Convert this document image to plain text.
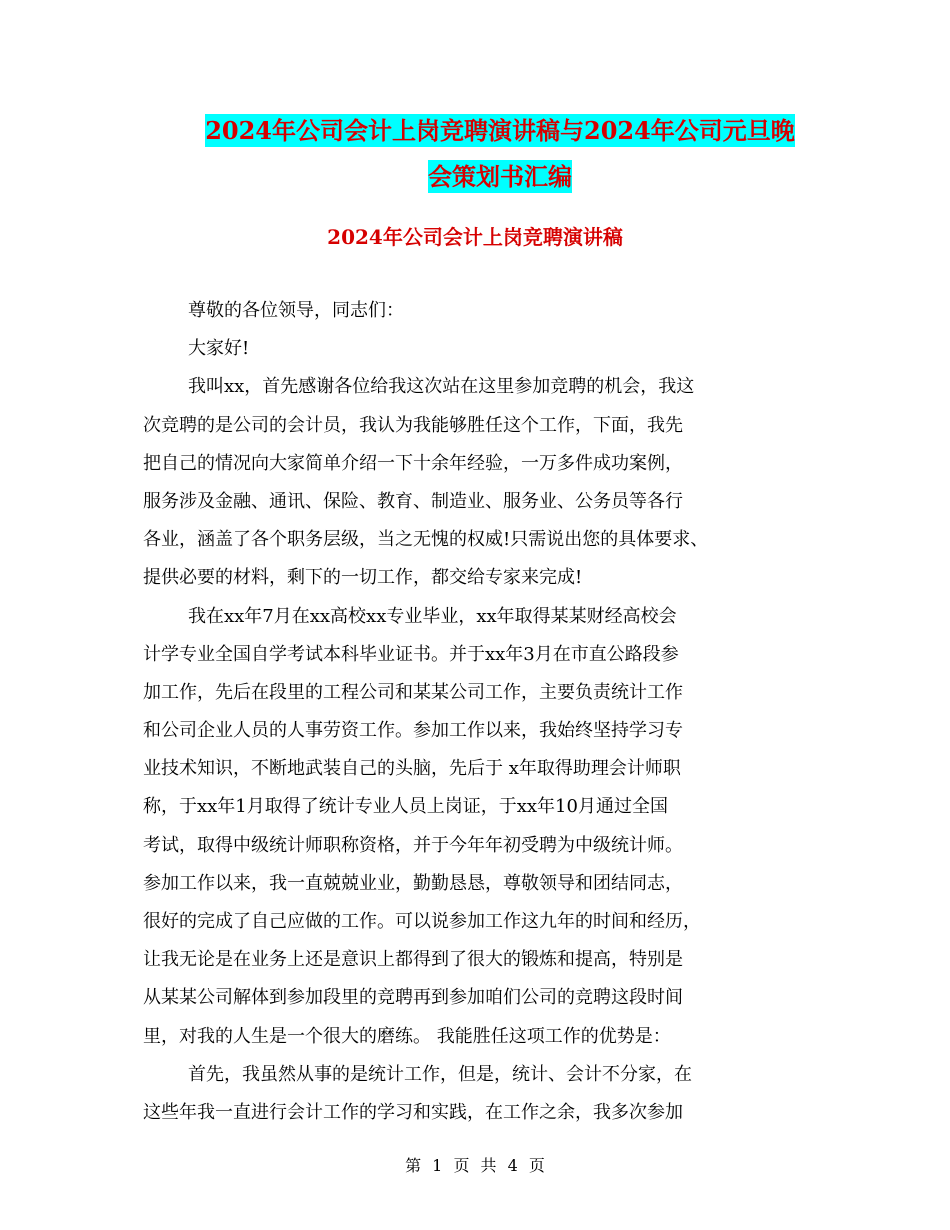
2024年公司会计上岗竞聘演讲稿与2024年公司元旦晚
会策划书汇编
2024年公司会计上岗竞聘演讲稿
尊敬的各位领导，同志们：
大家好!
我叫xx，首先感谢各位给我这次站在这里参加竞聘的机会，我这
次竞聘的是公司的会计员，我认为我能够胜任这个工作，下面，我先
把自己的情况向大家简单介绍一下十余年经验，一万多件成功案例，
服务涉及金融、通讯、保险、教育、制造业、服务业、公务员等各行
各业，涵盖了各个职务层级，当之无愧的权威!只需说出您的具体要求、
提供必要的材料，剩下的一切工作，都交给专家来完成!
我在xx年7月在xx高校xx专业毕业，xx年取得某某财经高校会
计学专业全国自学考试本科毕业证书。并于xx年3月在市直公路段参
加工作，先后在段里的工程公司和某某公司工作，主要负责统计工作
和公司企业人员的人事劳资工作。参加工作以来，我始终坚持学习专
业技术知识，不断地武装自己的头脑，先后于 x年取得助理会计师职
称，于xx年1月取得了统计专业人员上岗证，于xx年10月通过全国
考试，取得中级统计师职称资格，并于今年年初受聘为中级统计师。
参加工作以来，我一直兢兢业业，勤勤恳恳，尊敬领导和团结同志，
很好的完成了自己应做的工作。可以说参加工作这九年的时间和经历，
让我无论是在业务上还是意识上都得到了很大的锻炼和提高，特别是
从某某公司解体到参加段里的竞聘再到参加咱们公司的竞聘这段时间
里，对我的人生是一个很大的磨练。 我能胜任这项工作的优势是：
首先，我虽然从事的是统计工作，但是，统计、会计不分家，在
这些年我一直进行会计工作的学习和实践，在工作之余，我多次参加
第 1 页 共 4 页
